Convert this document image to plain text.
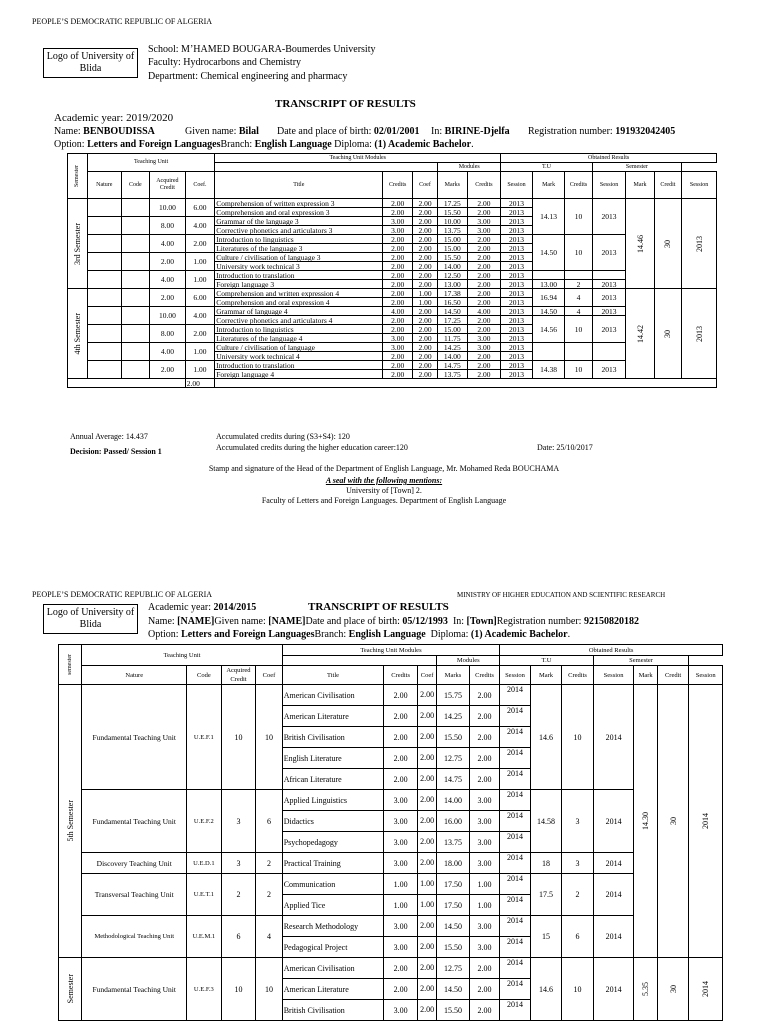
PEOPLE’S DEMOCRATIC REPUBLIC OF ALGERIA
Logo of University of Blida
School: M’HAMED BOUGARA-Boumerdes University
Faculty: Hydrocarbons and Chemistry
Department: Chemical engineering and pharmacy
TRANSCRIPT OF RESULTS
Academic year: 2019/2020
Name: BENBOUDISSA	Given name: Bilal Date and place of birth: 02/01/2001 In: BIRINE-Djelfa Registration number: 191932042405
Option: Letters and Foreign LanguagesBranch: English Language Diploma: (1) Academic Bachelor.
Semester	Teaching Unit				Teaching Unit Modules					Obtained Results						
								Modules		T.U			Semester			
	Nature	Code	Acquired Credit	Coef.	Title	Credits	Coef	Marks	Credits	Session	Mark	Credits	Session	Mark	Credit	Session

3rd Semester			10.00	6.00	Comprehension of written expression 3	2.00	2.00	17.25	2.00	2013	14.13	10	2013	14.46	30	2013

					Comprehension and oral expression 3	2.00	2.00	15.50	2.00	2013						
			8.00	4.00	Grammar of the language 3	3.00	2.00	10.00	3.00	2013						
					Corrective phonetics and articulators 3	3.00	2.00	13.75	3.00	2013						
			4.00	2.00	Introduction to linguistics	2.00	2.00	15.00	2.00	2013	14.50	10	2013			
					Literatures of the language 3	2.00	2.00	15.00	2.00	2013						
			2.00	1.00	Culture / civilisation of language 3	2.00	2.00	15.50	2.00	2013						
					University work technical 3	2.00	2.00	14.00	2.00	2013						
			4.00	1.00	Introduction to translation	2.00	2.00	12.50	2.00	2013						
					Foreign language 3	2.00	2.00	13.00	2.00	2013	13.00	2	2013			

4th Semester			2.00	6.00	Comprehension and written expression 4	2.00	1.00	17.38	2.00	2013	16.94	4	2013	14.42	30	2013

					Comprehension and oral expression 4	2.00	1.00	16.50	2.00	2013						
			10.00	4.00	Grammar of language 4	4.00	2.00	14.50	4.00	2013	14.50	4	2013			
					Corrective phonetics and articulators 4	2.00	2.00	17.25	2.00	2013	14.56	10	2013			
			8.00	2.00	Introduction to linguistics	2.00	2.00	15.00	2.00	2013						
					Literatures of the language 4	3.00	2.00	11.75	3.00	2013						
			4.00	1.00	Culture / civilisation of language	3.00	2.00	14.25	3.00	2013						
					University work technical 4	2.00	2.00	14.00	2.00	2013						
			2.00	1.00	Introduction to translation	2.00	2.00	14.75	2.00	2013	14.38	10	2013			
					Foreign language 4	2.00	2.00	13.75	2.00	2013						
				2.00												
Annual Average: 14.437
Decision: Passed/ Session 1
Accumulated credits during (S3+S4): 120
Accumulated credits during the higher education career:120	Date: 25/10/2017
Stamp and signature of the Head of the Department of English Language, Mr. Mohamed Reda BOUCHAMA
A seal with the following mentions:
University of [Town] 2.
Faculty of Letters and Foreign Languages. Department of English Language
PEOPLE’S DEMOCRATIC REPUBLIC OF ALGERIA	MINISTRY OF HIGHER EDUCATION AND SCIENTIFIC RESEARCH
Logo of University of Blida
Academic year: 2014/2015	TRANSCRIPT OF RESULTS
Name: [NAME]Given name: [NAME]Date and place of birth: 05/12/1993 In: [Town]Registration number: 92150820182
Option: Letters and Foreign LanguagesBranch: English Language Diploma: (1) Academic Bachelor.
semester	Teaching Unit				Teaching Unit Modules					Obtained Results						
								Modules		T.U			Semester			
	Nature	Code	Acquired Credit	Coef	Title	Credits	Coef	Marks	Credits	Session	Mark	Credits	Session	Mark	Credit	Session

5th Semester	Fundamental Teaching Unit	U.E.F.1	10	10	American Civilisation	2.00	2.00	15.75	2.00	2014	14.6	10	2014	14.30	30	2014

					American Literature	2.00	2.00	14.25	2.00	2014						
					British Civilisation	2.00	2.00	15.50	2.00	2014						
					English Literature	2.00	2.00	12.75	2.00	2014						
					African Literature	2.00	2.00	14.75	2.00	2014						
	Fundamental Teaching Unit	U.E.F.2	3	6	Applied Linguistics	3.00	2.00	14.00	3.00	2014	14.58	3	2014			
					Didactics	3.00	2.00	16.00	3.00	2014						
					Psychopedagogy	3.00	2.00	13.75	3.00	2014						
	Discovery Teaching Unit	U.E.D.1	3	2	Practical Training	3.00	2.00	18.00	3.00	2014	18	3	2014			
	Transversal Teaching Unit	U.E.T.1	2	2	Communication	1.00	1.00	17.50	1.00	2014	17.5	2	2014			
					Applied Tice	1.00	1.00	17.50	1.00	2014						
	Methodological Teaching Unit	U.E.M.1	6	4	Research Methodology	3.00	2.00	14.50	3.00	2014	15	6	2014			
					Pedagogical Project	3.00	2.00	15.50	3.00	2014						

Semester	Fundamental Teaching Unit	U.E.F.3	10	10	American Civilisation	2.00	2.00	12.75	2.00	2014	14.6	10	2014	5.35	30	2014

					American Literature	2.00	2.00	14.50	2.00	2014						
					British Civilisation	3.00	2.00	15.50	2.00	2014						
